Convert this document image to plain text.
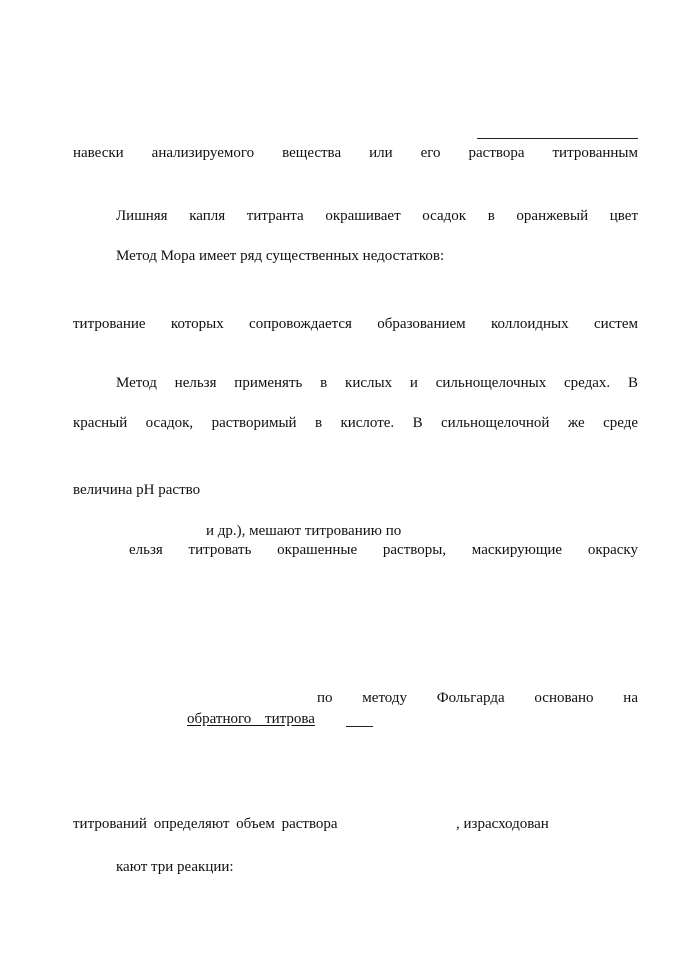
навески анализируемого вещества или его раствора титрованным
Лишняя капля титранта окрашивает осадок в оранжевый цвет
Метод Мора имеет ряд существенных недостатков:
титрование которых сопровождается образованием коллоидных систем
Метод нельзя применять в кислых и сильнощелочных средах. В
красный осадок, растворимый в кислоте. В сильнощелочной же среде
величина pH раство
и др.), мешают титрованию по
ельзя титровать окрашенные растворы, маскирующие окраску
по методу Фольгарда основано на
обратного титрова
титрований определяют объем раствора	, израсходован
кают три реакции:
